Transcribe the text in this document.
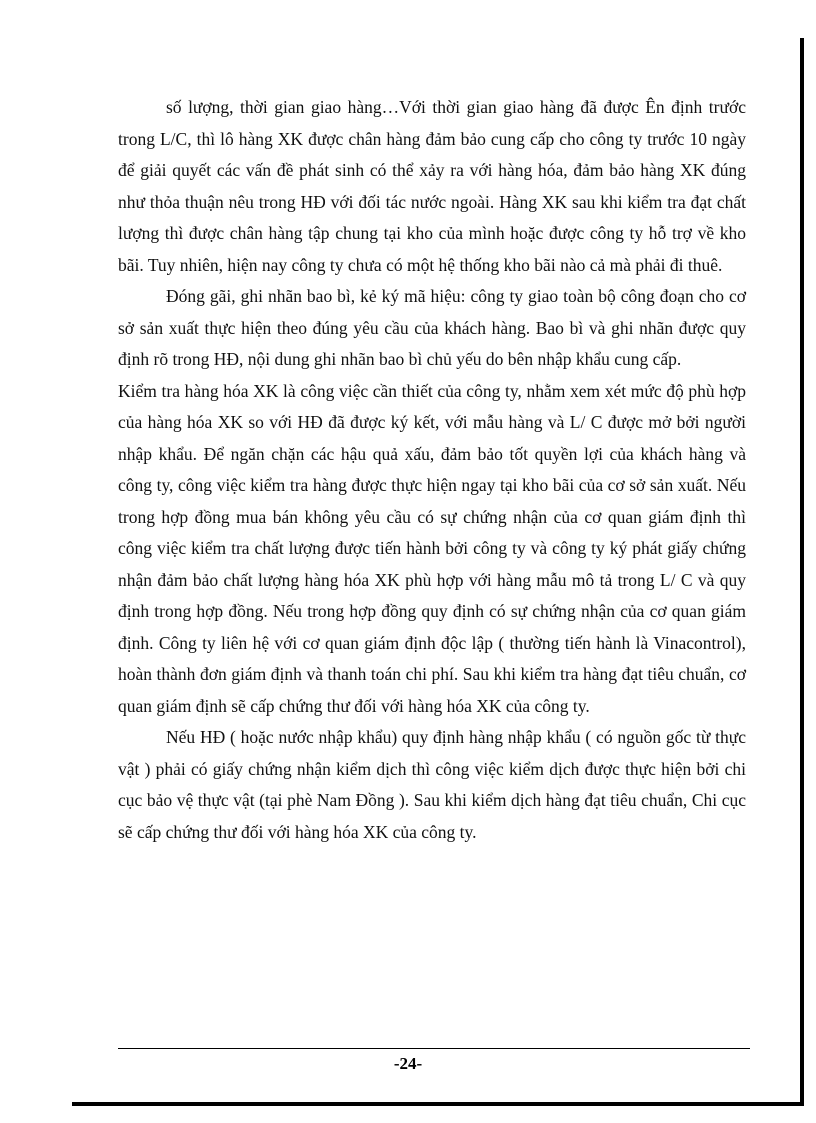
số lượng, thời gian giao hàng…Với thời gian giao hàng đã được Ên định trước trong L/C, thì lô hàng XK được chân hàng đảm bảo cung cấp cho công ty trước 10 ngày để giải quyết các vấn đề phát sinh có thể xảy ra với hàng hóa, đảm bảo hàng XK đúng như thỏa thuận nêu trong HĐ với đối tác nước ngoài. Hàng XK sau khi kiểm tra đạt chất lượng thì được chân hàng tập chung tại kho của mình hoặc được công ty hỗ trợ về kho bãi. Tuy nhiên, hiện nay công ty chưa có một hệ thống kho bãi nào cả mà phải đi thuê.

Đóng gãi, ghi nhãn bao bì, kẻ ký mã hiệu: công ty giao toàn bộ công đoạn cho cơ sở sản xuất thực hiện theo đúng yêu cầu của khách hàng. Bao bì và ghi nhãn được quy định rõ trong HĐ, nội dung ghi nhãn bao bì chủ yếu do bên nhập khẩu cung cấp.

Kiểm tra hàng hóa XK là công việc cần thiết của công ty, nhằm xem xét mức độ phù hợp của hàng hóa XK so với HĐ đã được ký kết, với mẫu hàng và L/ C được mở bởi người nhập khẩu. Để ngăn chặn các hậu quả xấu, đảm bảo tốt quyền lợi của khách hàng và công ty, công việc kiểm tra hàng được thực hiện ngay tại kho bãi của cơ sở sản xuất. Nếu trong hợp đồng mua bán không yêu cầu có sự chứng nhận của cơ quan giám định thì công việc kiểm tra chất lượng được tiến hành bởi công ty và công ty ký phát giấy chứng nhận đảm bảo chất lượng hàng hóa XK phù hợp với hàng mẫu mô tả trong L/ C và quy định trong hợp đồng. Nếu trong hợp đồng quy định có sự chứng nhận của cơ quan giám định. Công ty liên hệ với cơ quan giám định độc lập ( thường tiến hành là Vinacontrol), hoàn thành đơn giám định và thanh toán chi phí. Sau khi kiểm tra hàng đạt tiêu chuẩn, cơ quan giám định sẽ cấp chứng thư đối với hàng hóa XK của công ty.

Nếu HĐ ( hoặc nước nhập khẩu) quy định hàng nhập khẩu ( có nguồn gốc từ thực vật ) phải có giấy chứng nhận kiểm dịch thì công việc kiểm dịch được thực hiện bởi chi cục bảo vệ thực vật (tại phè Nam Đồng ). Sau khi kiểm dịch hàng đạt tiêu chuẩn, Chi cục sẽ cấp chứng thư đối với hàng hóa XK của công ty.

-24-
